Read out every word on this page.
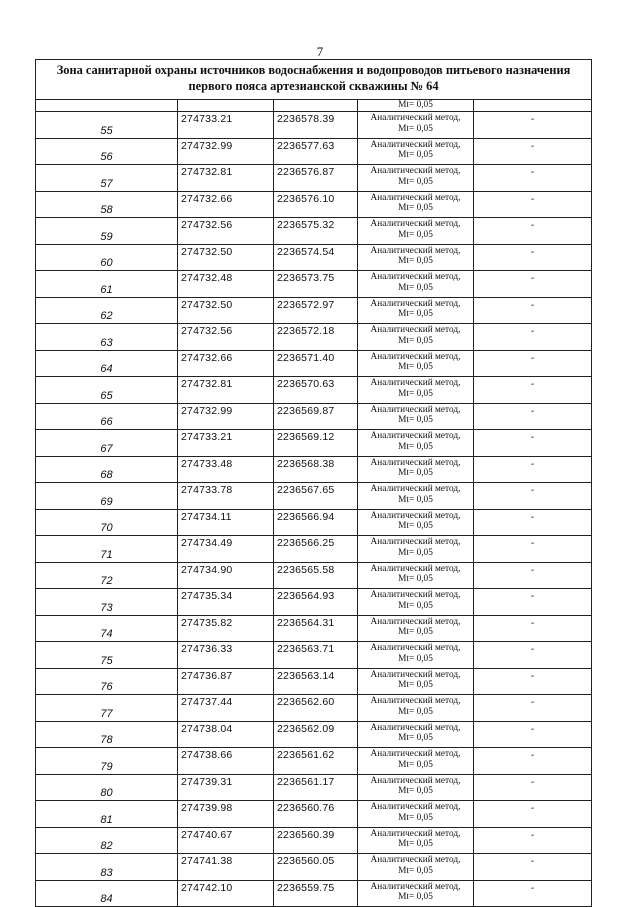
7
Зона санитарной охраны источников водоснабжения и водопроводов питьевого назначения
первого пояса артезианской скважины № 64				

			Мt= 0,05	

55	274733.21	2236578.39	Аналитический метод,
Мt= 0,05	-
56	274732.99	2236577.63	Аналитический метод,
Мt= 0,05	-
57	274732.81	2236576.87	Аналитический метод,
Мt= 0,05	-
58	274732.66	2236576.10	Аналитический метод,
Мt= 0,05	-
59	274732.56	2236575.32	Аналитический метод,
Мt= 0,05	-
60	274732.50	2236574.54	Аналитический метод,
Мt= 0,05	-
61	274732.48	2236573.75	Аналитический метод,
Мt= 0,05	-
62	274732.50	2236572.97	Аналитический метод,
Мt= 0,05	-
63	274732.56	2236572.18	Аналитический метод,
Мt= 0,05	-
64	274732.66	2236571.40	Аналитический метод,
Мt= 0,05	-
65	274732.81	2236570.63	Аналитический метод,
Мt= 0,05	-
66	274732.99	2236569.87	Аналитический метод,
Мt= 0,05	-
67	274733.21	2236569.12	Аналитический метод,
Мt= 0,05	-
68	274733.48	2236568.38	Аналитический метод,
Мt= 0,05	-
69	274733.78	2236567.65	Аналитический метод,
Мt= 0,05	-
70	274734.11	2236566.94	Аналитический метод,
Мt= 0,05	-
71	274734.49	2236566.25	Аналитический метод,
Мt= 0,05	-
72	274734.90	2236565.58	Аналитический метод,
Мt= 0,05	-
73	274735.34	2236564.93	Аналитический метод,
Мt= 0,05	-
74	274735.82	2236564.31	Аналитический метод,
Мt= 0,05	-
75	274736.33	2236563.71	Аналитический метод,
Мt= 0,05	-
76	274736.87	2236563.14	Аналитический метод,
Мt= 0,05	-
77	274737.44	2236562.60	Аналитический метод,
Мt= 0,05	-
78	274738.04	2236562.09	Аналитический метод,
Мt= 0,05	-
79	274738.66	2236561.62	Аналитический метод,
Мt= 0,05	-
80	274739.31	2236561.17	Аналитический метод,
Мt= 0,05	-
81	274739.98	2236560.76	Аналитический метод,
Мt= 0,05	-
82	274740.67	2236560.39	Аналитический метод,
Мt= 0,05	-
83	274741.38	2236560.05	Аналитический метод,
Мt= 0,05	-
84	274742.10	2236559.75	Аналитический метод,
Мt= 0,05	-
